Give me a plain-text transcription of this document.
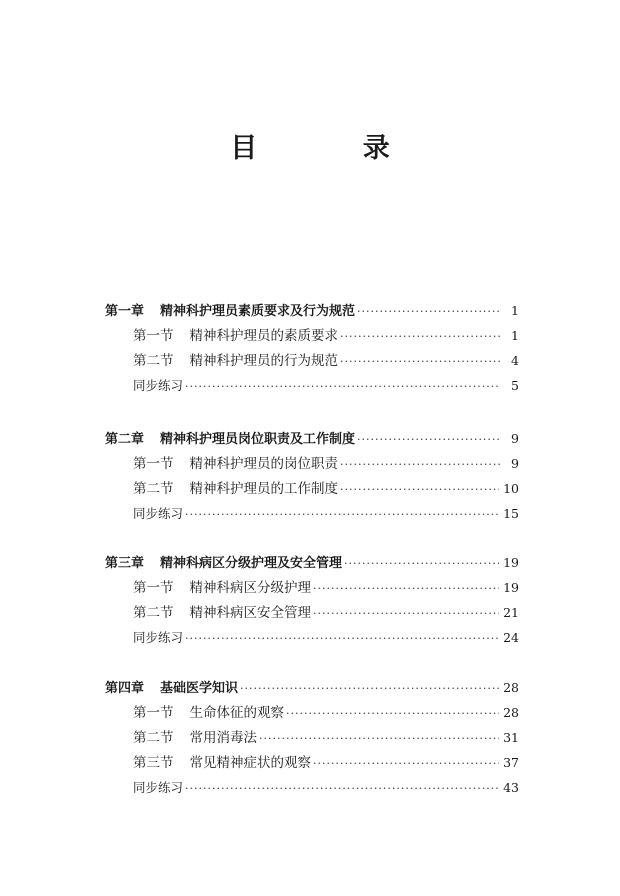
目 录
第一章 精神科护理员素质要求及行为规范 ·····	1
第一节 精神科护理员的素质要求 ·····	1
第二节 精神科护理员的行为规范 ·····	4
同步练习 ·····	5
第二章 精神科护理员岗位职责及工作制度 ·····	9
第一节 精神科护理员的岗位职责 ·····	9
第二节 精神科护理员的工作制度 ·····	10
同步练习 ·····	15
第三章 精神科病区分级护理及安全管理 ·····	19
第一节 精神科病区分级护理 ·····	19
第二节 精神科病区安全管理 ·····	21
同步练习 ·····	24
第四章 基础医学知识 ·····	28
第一节 生命体征的观察 ·····	28
第二节 常用消毒法 ·····	31
第三节 常见精神症状的观察 ·····	37
同步练习 ·····	43
